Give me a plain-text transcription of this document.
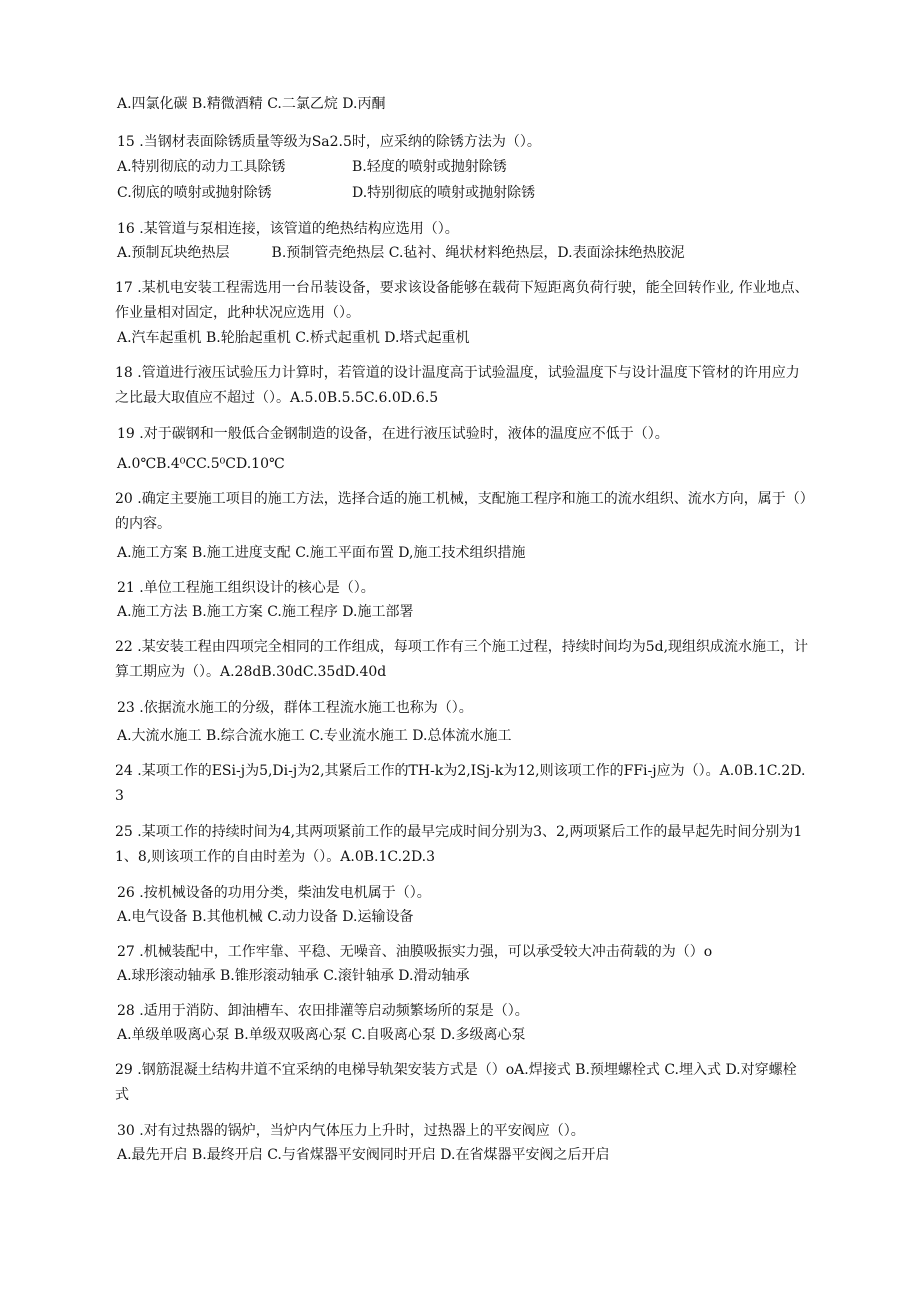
A.四氯化碳 B.精微酒精 C.二氯乙烷 D.丙酮
15 .当钢材表面除锈质量等级为Sa2.5时，应采纳的除锈方法为（）。
A.特别彻底的动力工具除锈	B.轻度的喷射或抛射除锈
C.彻底的喷射或抛射除锈	D.特别彻底的喷射或抛射除锈
16 .某管道与泵相连接，该管道的绝热结构应选用（）。
A.预制瓦块绝热层　　　B.预制管壳绝热层 C.毡衬、绳状材料绝热层，D.表面涂抹绝热胶泥
17 .某机电安装工程需选用一台吊装设备，要求该设备能够在载荷下短距离负荷行驶，能全回转作业, 作业地点、作业量相对固定，此种状况应选用（）。
A.汽车起重机 B.轮胎起重机 C.桥式起重机 D.塔式起重机
18 .管道进行液压试验压力计算时，若管道的设计温度高于试验温度，试验温度下与设计温度下管材的许用应力之比最大取值应不超过（）。A.5.0B.5.5C.6.0D.6.5
19 .对于碳钢和一般低合金钢制造的设备，在进行液压试验时，液体的温度应不低于（）。
A.0℃B.4⁰CC.5⁰CD.10℃
20 .确定主要施工项目的施工方法，选择合适的施工机械，支配施工程序和施工的流水组织、流水方向，属于（）的内容。
A.施工方案 B.施工进度支配 C.施工平面布置 D,施工技术组织措施
21 .单位工程施工组织设计的核心是（）。
A.施工方法 B.施工方案 C.施工程序 D.施工部署
22 .某安装工程由四项完全相同的工作组成，每项工作有三个施工过程，持续时间均为5d,现组织成流水施工，计算工期应为（）。A.28dB.30dC.35dD.40d
23 .依据流水施工的分级，群体工程流水施工也称为（）。
A.大流水施工 B.综合流水施工 C.专业流水施工 D.总体流水施工
24 .某项工作的ESi-j为5,Di-j为2,其紧后工作的TH-k为2,ISj-k为12,则该项工作的FFi-j应为（）。A.0B.1C.2D.3
25 .某项工作的持续时间为4,其两项紧前工作的最早完成时间分别为3、2,两项紧后工作的最早起先时间分别为11、8,则该项工作的自由时差为（）。A.0B.1C.2D.3
26 .按机械设备的功用分类，柴油发电机属于（）。
A.电气设备 B.其他机械 C.动力设备 D.运输设备
27 .机械装配中，工作牢靠、平稳、无噪音、油膜吸振实力强，可以承受较大冲击荷载的为（）o
A.球形滚动轴承 B.锥形滚动轴承 C.滚针轴承 D.滑动轴承
28 .适用于消防、卸油槽车、农田排灌等启动频繁场所的泵是（）。
A.单级单吸离心泵 B.单级双吸离心泵 C.自吸离心泵 D.多级离心泵
29 .钢筋混凝土结构井道不宜采纳的电梯导轨架安装方式是（）oA.焊接式 B.预埋螺栓式 C.埋入式 D.对穿螺栓式
30 .对有过热器的锅炉，当炉内气体压力上升时，过热器上的平安阀应（）。
A.最先开启 B.最终开启 C.与省煤器平安阀同时开启 D.在省煤器平安阀之后开启
